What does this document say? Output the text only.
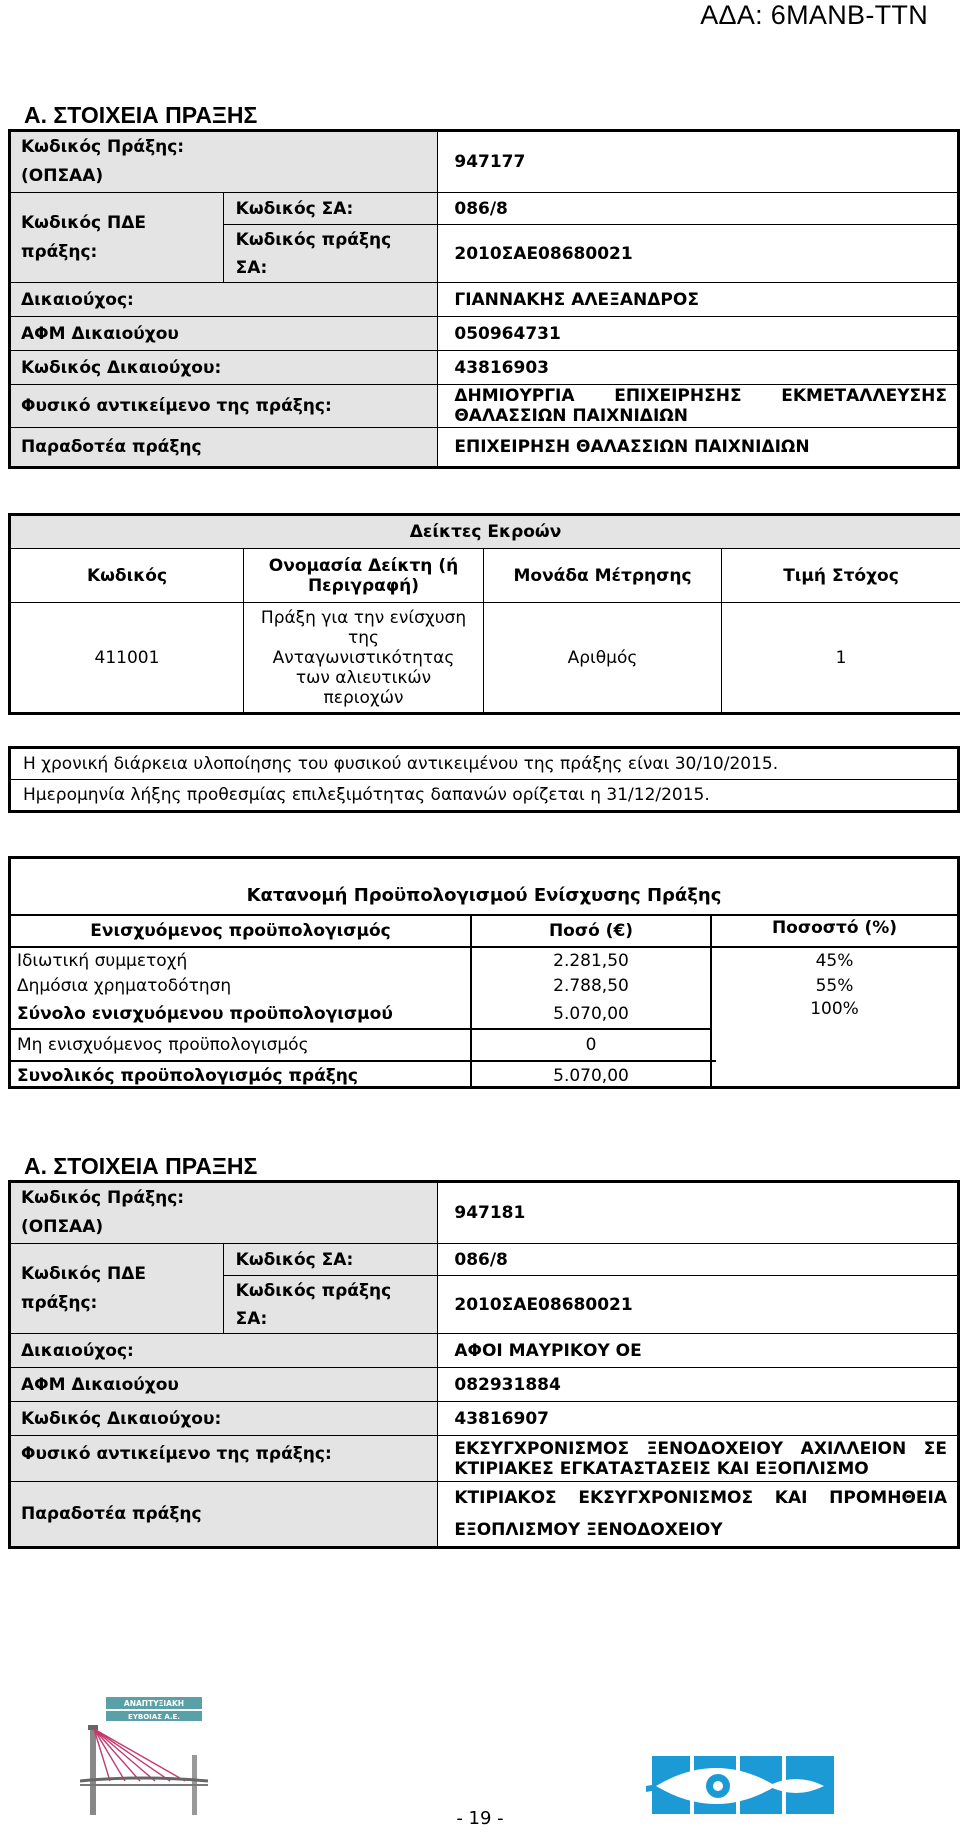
ΑΔΑ: 6ΜΑΝΒ-ΤΤΝ
Α. ΣΤΟΙΧΕΙΑ ΠΡΑΞΗΣ
Κωδικός Πράξης:
(ΟΠΣΑΑ)		947177

Κωδικός ΠΔΕ
πράξης:	Κωδικός ΣΑ:	086/8

	Κωδικός πράξης
ΣΑ:	2010ΣΑΕ08680021
Δικαιούχος:		ΓΙΑΝΝΑΚΗΣ ΑΛΕΞΑΝΔΡΟΣ
ΑΦΜ Δικαιούχου		050964731
Κωδικός Δικαιούχου:		43816903
Φυσικό αντικείμενο της πράξης:		ΔΗΜΙΟΥΡΓΙΑ ΕΠΙΧΕΙΡΗΣΗΣ ΕΚΜΕΤΑΛΛΕΥΣΗΣ ΘΑΛΑΣΣΙΩΝ ΠΑΙΧΝΙΔΙΩΝ
Παραδοτέα πράξης		ΕΠΙΧΕΙΡΗΣΗ ΘΑΛΑΣΣΙΩΝ ΠΑΙΧΝΙΔΙΩΝ
Δείκτες Εκροών			
Κωδικός	Ονομασία Δείκτη (ή Περιγραφή)	Μονάδα Μέτρησης	Τιμή Στόχος
411001	Πράξη για την ενίσχυση της Ανταγωνιστικότητας των αλιευτικών περιοχών	Αριθμός	1
Η χρονική διάρκεια υλοποίησης του φυσικού αντικειμένου της πράξης είναι 30/10/2015.
Ημερομηνία λήξης προθεσμίας επιλεξιμότητας δαπανών ορίζεται η 31/12/2015.
Κατανομή Προϋπολογισμού Ενίσχυσης Πράξης
Ενισχυόμενος προϋπολογισμός	Ποσό (€)	Ποσοστό (%)
Ιδιωτική συμμετοχή	2.281,50	45%
Δημόσια χρηματοδότηση	2.788,50	55%
Σύνολο ενισχυόμενου προϋπολογισμού	5.070,00	100%
Μη ενισχυόμενος προϋπολογισμός	0	
Συνολικός προϋπολογισμός πράξης	5.070,00	
Α. ΣΤΟΙΧΕΙΑ ΠΡΑΞΗΣ
Κωδικός Πράξης:
(ΟΠΣΑΑ)		947181

Κωδικός ΠΔΕ
πράξης:	Κωδικός ΣΑ:	086/8

	Κωδικός πράξης
ΣΑ:	2010ΣΑΕ08680021
Δικαιούχος:		ΑΦΟΙ ΜΑΥΡΙΚΟΥ ΟΕ
ΑΦΜ Δικαιούχου		082931884
Κωδικός Δικαιούχου:		43816907
Φυσικό αντικείμενο της πράξης:		ΕΚΣΥΓΧΡΟΝΙΣΜΟΣ ΞΕΝΟΔΟΧΕΙΟΥ ΑΧΙΛΛΕΙΟΝ ΣΕ ΚΤΙΡΙΑΚΕΣ ΕΓΚΑΤΑΣΤΑΣΕΙΣ ΚΑΙ ΕΞΟΠΛΙΣΜΟ
Παραδοτέα πράξης		ΚΤΙΡΙΑΚΟΣ ΕΚΣΥΓΧΡΟΝΙΣΜΟΣ ΚΑΙ ΠΡΟΜΗΘΕΙΑ ΕΞΟΠΛΙΣΜΟΥ ΞΕΝΟΔΟΧΕΙΟΥ
ΑΝΑΠΤΥΞΙΑΚΗ
ΕΥΒΟΙΑΣ Α.Ε.
- 19 -
